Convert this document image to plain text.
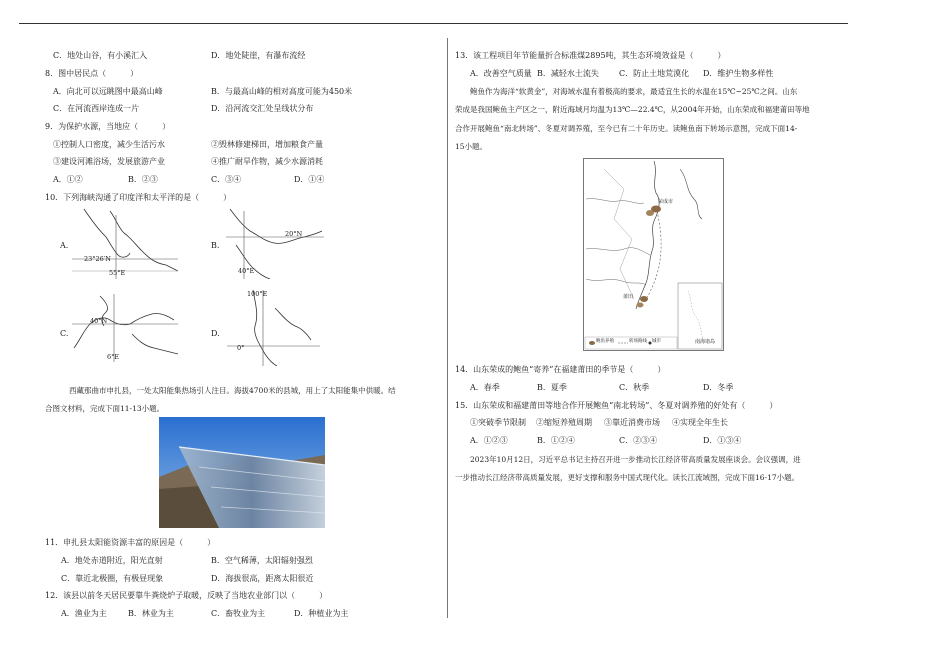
C．地处山谷，有小溪汇入	D．地处陡崖，有瀑布流经
8．图中居民点（　　　）
A．向北可以远眺图中最高山峰	B．与最高山峰的相对高度可能为450米
C．在河流西岸连成一片	D．沿河流交汇处呈线状分布
9．为保护水源，当地应（　　　）
①控制人口密度，减少生活污水	②毁林修建梯田，增加粮食产量
③建设河滩浴场，发展旅游产业	④推广耐旱作物，减少水源消耗
A．①②	B．②③	C．③④	D．①④
10．下列海峡沟通了印度洋和太平洋的是（　　　）
A.
23°26′N
55°E
B.
20°N
40°E
C.
40°N
6°E
D.
100°E
0°
西藏那曲市申扎县，一处太阳能集热场引人注目。海拔4700米的县城，用上了太阳能集中供暖。结
合图文材料，完成下面11-13小题。
11．申扎县太阳能资源丰富的原因是（　　　）
A．地处赤道附近，阳光直射	B．空气稀薄，太阳辐射强烈
C．靠近北极圈，有极昼现象	D．海拔很高，距离太阳很近
12．该县以前冬天居民要靠牛粪烧炉子取暖，反映了当地农业部门以（　　　）
A．渔业为主	B．林业为主	C．畜牧业为主	D．种植业为主
13．该工程项目年节能量折合标准煤2895吨，其生态环境效益是（　　　）
A．改善空气质量 B．减轻水土流失	C．防止土地荒漠化 D．维护生物多样性
鲍鱼作为海洋“软黄金”，对海域水温有着极高的要求，最适宜生长的水温在15℃~25℃之间。山东
荣成是我国鲍鱼主产区之一，附近海域月均温为13℃—22.4℃，从2004年开始，山东荣成和福建莆田等地
合作开展鲍鱼“南北转场”、冬夏对调养殖，至今已有二十年历史。读鲍鱼南下转场示意图，完成下面14-
15小题。
荣成市
莆田
南海诸岛
鲍鱼养殖	转场路线 城市
14．山东荣成的鲍鱼“寄养”在福建莆田的季节是（　　　）
A．春季	B．夏季	C．秋季	D．冬季
15．山东荣成和福建莆田等地合作开展鲍鱼“南北转场”、冬夏对调养殖的好处有（　　　）
①突破季节限制 ②缩短养殖周期 ③靠近消费市场 ④实现全年生长
A．①②③	B．①②④	C．②③④	D．①③④
2023年10月12日，习近平总书记主持召开进一步推动长江经济带高质量发展座谈会。会议强调，进
一步推动长江经济带高质量发展，更好支撑和服务中国式现代化。读长江流域图，完成下面16-17小题。
